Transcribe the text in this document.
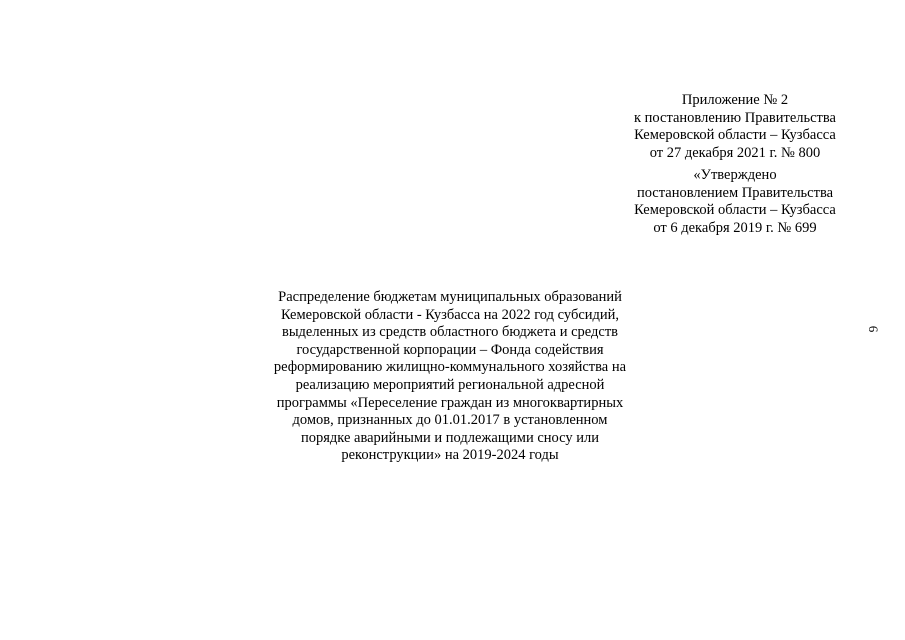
Приложение № 2
к постановлению Правительства
Кемеровской области – Кузбасса
от 27 декабря 2021 г. № 800
«Утверждено
постановлением Правительства
Кемеровской области – Кузбасса
от 6 декабря 2019 г. № 699
Распределение бюджетам муниципальных образований
Кемеровской области - Кузбасса на 2022 год субсидий,
выделенных из средств областного бюджета и средств
государственной корпорации – Фонда содействия
реформированию жилищно-коммунального хозяйства на
реализацию мероприятий региональной адресной
программы «Переселение граждан из многоквартирных
домов, признанных до 01.01.2017 в установленном
порядке аварийными и подлежащими сносу или
реконструкции» на 2019-2024 годы
6
